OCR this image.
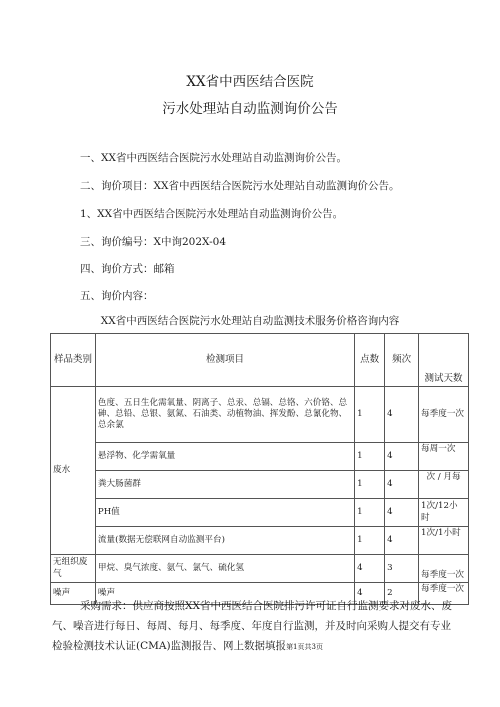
XX省中西医结合医院
污水处理站自动监测询价公告
一、XX省中西医结合医院污水处理站自动监测询价公告。
二、询价项目：XX省中西医结合医院污水处理站自动监测询价公告。
1、XX省中西医结合医院污水处理站自动监测询价公告。
三、询价编号：X中询202X-04
四、询价方式：邮箱
五、询价内容：
XX省中西医结合医院污水处理站自动监测技术服务价格咨询内容
样品类别	检测项目	点数	频次	测试天数
废水	色度、五日生化需氧量、阴离子、总汞、总镉、总铬、六价铬、总砷、总铅、总银、氨氮、石油类、动植物油、挥发酚、总氰化物、总余氯	1	4	每季度一次
	悬浮物、化学需氧量	1	4	每周一次
	粪大肠菌群	1	4	次 / 月每
	PH值	1	4	1次/12小时
	流量(数据无偿联网自动监测平台)	1	4	1次/1小时
无组织废气	甲烷、臭气浓度、氨气、氯气、硫化氢	4	3	每季度一次
噪声	噪声	4	2	每季度一次
采购需求：供应商按照XX省中西医结合医院排污许可证自行监测要求对废水、废
气、噪音进行每日、每周、每月、每季度、年度自行监测，并及时向采购人提交有专业
检验检测技术认证(CMA)监测报告、网上数据填报第1页共3页
